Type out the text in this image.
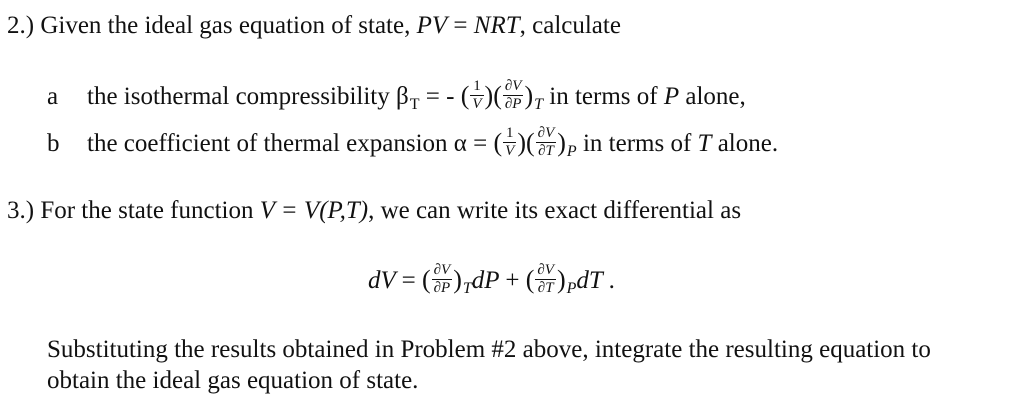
2.) Given the ideal gas equation of state, PV = NRT, calculate
a the isothermal compressibility $\beta_T$ = - ( $\frac{1}{V}$ )( $\frac{\partial V}{\partial P} )_T$ in terms of P alone,
b the coefficient of thermal expansion α = ( $\frac{1}{V}$ )( $\frac{\partial V}{\partial T} )_P$ in terms of T alone.
3.) For the state function V = V(P,T), we can write its exact differential as
dV = ( $\frac{\partial V}{\partial P} )_TdP$ + ( $\frac{\partial V}{\partial T} )_PdT$ .
Substituting the results obtained in Problem #2 above, integrate the resulting equation to
obtain the ideal gas equation of state.
